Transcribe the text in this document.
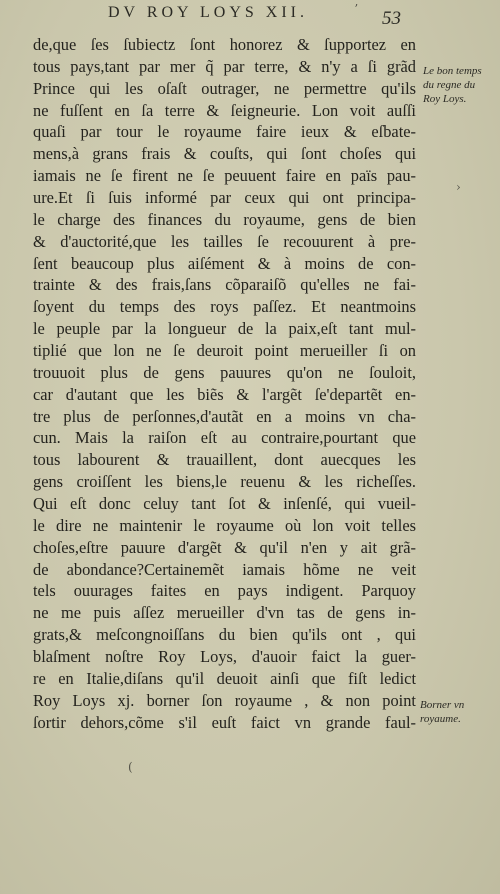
DV ROY LOYS XII.	53
de,que ſes ſubiectz ſont honorez & ſupportez en
tous pays,tant par mer q̃ par terre, & n'y a ſi grãd
Prince qui les oſaſt outrager, ne permettre qu'ils
ne fuſſent en ſa terre & ſeigneurie. Lon voit auſſi
quaſi par tour le royaume faire ieux & eſbate-
mens,à grans frais & couſts, qui ſont choſes qui
iamais ne ſe firent ne ſe peuuent faire en païs pau-
ure.Et ſi ſuis informé par ceux qui ont principa-
le charge des finances du royaume, gens de bien
& d'auctorité,que les tailles ſe recouurent à pre-
ſent beaucoup plus aiſément & à moins de con-
trainte & des frais,ſans cõparaiſõ qu'elles ne fai-
ſoyent du temps des roys paſſez. Et neantmoins
le peuple par la longueur de la paix,eſt tant mul-
tiplié que lon ne ſe deuroit point merueiller ſi on
trouuoit plus de gens pauures qu'on ne ſouloit,
car d'autant que les biẽs & l'argẽt ſe'departẽt en-
tre plus de perſonnes,d'autãt en a moins vn cha-
cun. Mais la raiſon eſt au contraire,pourtant que
tous labourent & trauaillent, dont auecques les
gens croiſſent les biens,le reuenu & les richeſſes.
Qui eſt donc celuy tant ſot & inſenſé, qui vueil-
le dire ne maintenir le royaume où lon voit telles
choſes,eſtre pauure d'argẽt & qu'il n'en y ait grã-
de abondance?Certainemẽt iamais hõme ne veit
tels ouurages faites en pays indigent. Parquoy
ne me puis aſſez merueiller d'vn tas de gens in-
grats,& meſcongnoiſſans du bien qu'ils ont , qui
blaſment noſtre Roy Loys, d'auoir faict la guer-
re en Italie,diſans qu'il deuoit ainſi que fiſt ledict
Roy Loys xj. borner ſon royaume , & non point
ſortir dehors,cõme s'il euſt faict vn grande faul-
Le bon temps
du regne du
Roy Loys.
Borner vn
royaume.
ʼ
(
›
